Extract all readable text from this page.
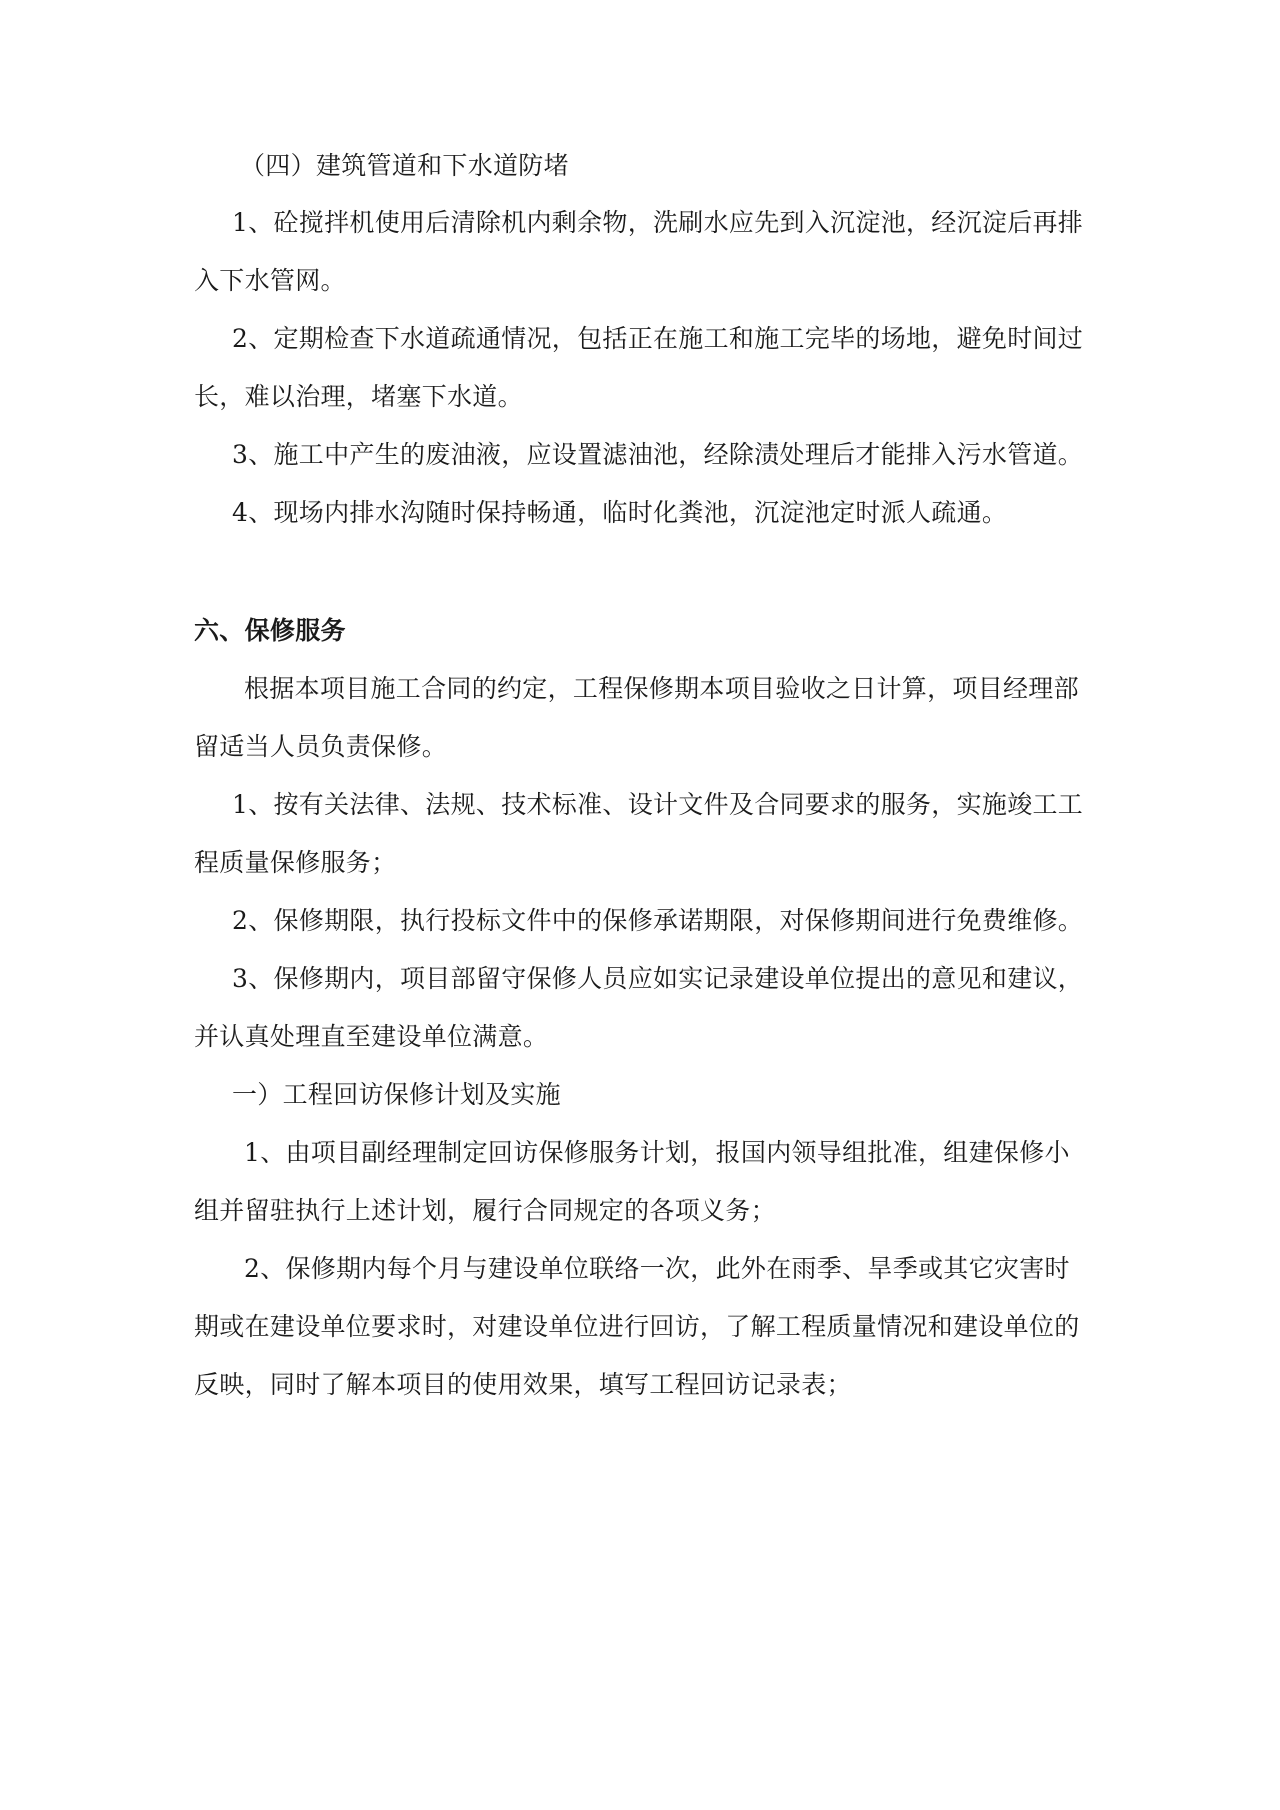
（四）建筑管道和下水道防堵
1、砼搅拌机使用后清除机内剩余物，洗刷水应先到入沉淀池，经沉淀后再排
入下水管网。
2、定期检查下水道疏通情况，包括正在施工和施工完毕的场地，避免时间过
长，难以治理，堵塞下水道。
3、施工中产生的废油液，应设置滤油池，经除渍处理后才能排入污水管道。
4、现场内排水沟随时保持畅通，临时化粪池，沉淀池定时派人疏通。
六、保修服务
根据本项目施工合同的约定，工程保修期本项目验收之日计算，项目经理部
留适当人员负责保修。
1、按有关法律、法规、技术标准、设计文件及合同要求的服务，实施竣工工
程质量保修服务；
2、保修期限，执行投标文件中的保修承诺期限，对保修期间进行免费维修。
3、保修期内，项目部留守保修人员应如实记录建设单位提出的意见和建议，
并认真处理直至建设单位满意。
一）工程回访保修计划及实施
1、由项目副经理制定回访保修服务计划，报国内领导组批准，组建保修小
组并留驻执行上述计划，履行合同规定的各项义务；
2、保修期内每个月与建设单位联络一次，此外在雨季、旱季或其它灾害时
期或在建设单位要求时，对建设单位进行回访，了解工程质量情况和建设单位的
反映，同时了解本项目的使用效果，填写工程回访记录表；
